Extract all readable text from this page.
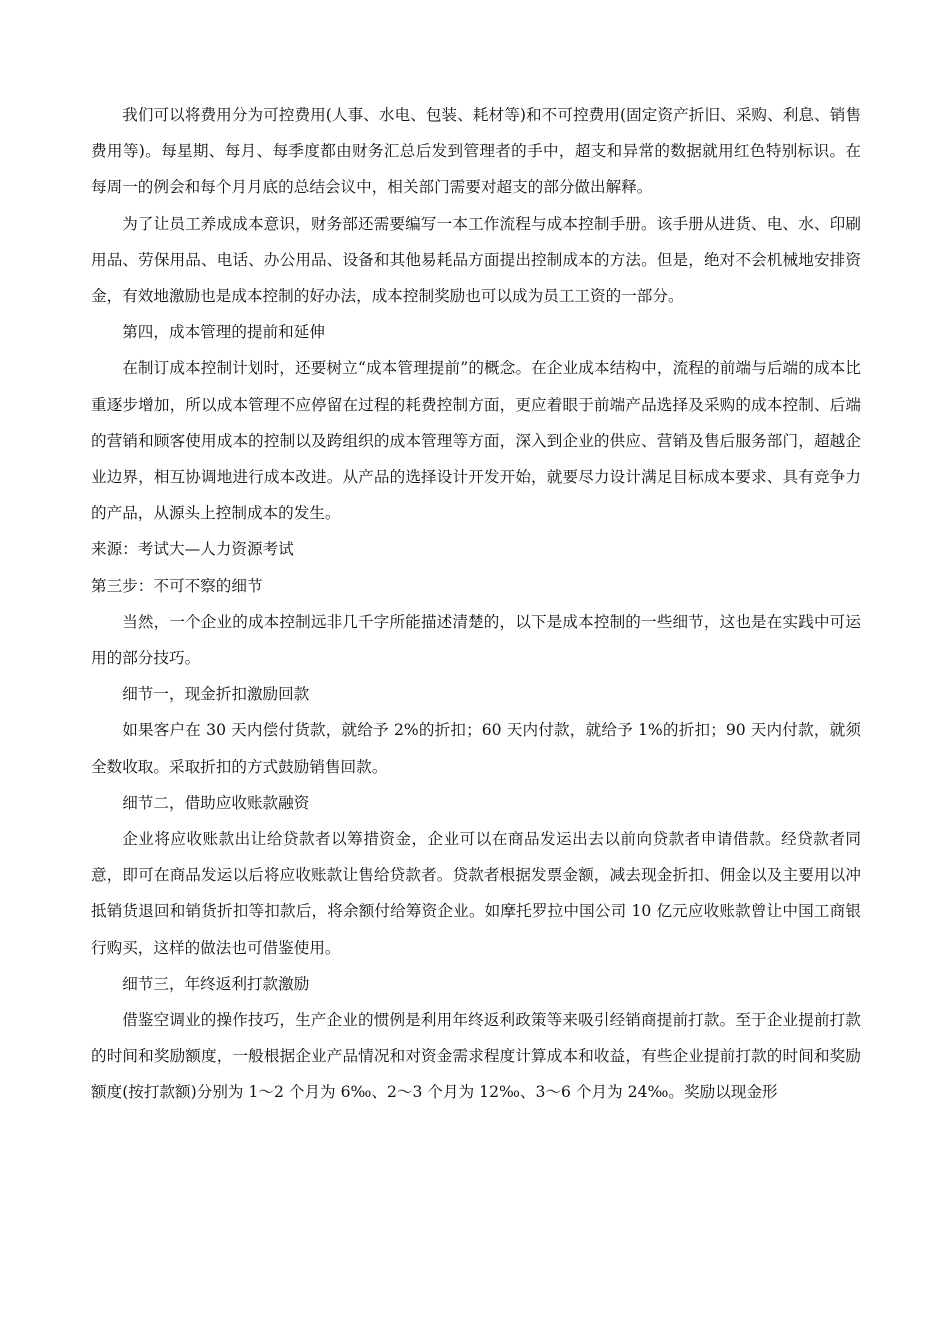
我们可以将费用分为可控费用(人事、水电、包装、耗材等)和不可控费用(固定资产折旧、采购、利息、销售费用等)。每星期、每月、每季度都由财务汇总后发到管理者的手中，超支和异常的数据就用红色特别标识。在每周一的例会和每个月月底的总结会议中，相关部门需要对超支的部分做出解释。

为了让员工养成成本意识，财务部还需要编写一本工作流程与成本控制手册。该手册从进货、电、水、印刷用品、劳保用品、电话、办公用品、设备和其他易耗品方面提出控制成本的方法。但是，绝对不会机械地安排资金，有效地激励也是成本控制的好办法，成本控制奖励也可以成为员工工资的一部分。

第四，成本管理的提前和延伸

在制订成本控制计划时，还要树立“成本管理提前”的概念。在企业成本结构中，流程的前端与后端的成本比重逐步增加，所以成本管理不应停留在过程的耗费控制方面，更应着眼于前端产品选择及采购的成本控制、后端的营销和顾客使用成本的控制以及跨组织的成本管理等方面，深入到企业的供应、营销及售后服务部门，超越企业边界，相互协调地进行成本改进。从产品的选择设计开发开始，就要尽力设计满足目标成本要求、具有竞争力的产品，从源头上控制成本的发生。

来源：考试大—人力资源考试

第三步：不可不察的细节

当然，一个企业的成本控制远非几千字所能描述清楚的，以下是成本控制的一些细节，这也是在实践中可运用的部分技巧。

细节一，现金折扣激励回款

如果客户在 30 天内偿付货款，就给予 2%的折扣；60 天内付款，就给予 1%的折扣；90 天内付款，就须全数收取。采取折扣的方式鼓励销售回款。

细节二，借助应收账款融资

企业将应收账款出让给贷款者以筹措资金，企业可以在商品发运出去以前向贷款者申请借款。经贷款者同意，即可在商品发运以后将应收账款让售给贷款者。贷款者根据发票金额，减去现金折扣、佣金以及主要用以冲抵销货退回和销货折扣等扣款后，将余额付给筹资企业。如摩托罗拉中国公司 10 亿元应收账款曾让中国工商银行购买，这样的做法也可借鉴使用。

细节三，年终返利打款激励

借鉴空调业的操作技巧，生产企业的惯例是利用年终返利政策等来吸引经销商提前打款。至于企业提前打款的时间和奖励额度，一般根据企业产品情况和对资金需求程度计算成本和收益，有些企业提前打款的时间和奖励额度(按打款额)分别为 1～2 个月为 6‰、2～3 个月为 12‰、3～6 个月为 24‰。奖励以现金形
